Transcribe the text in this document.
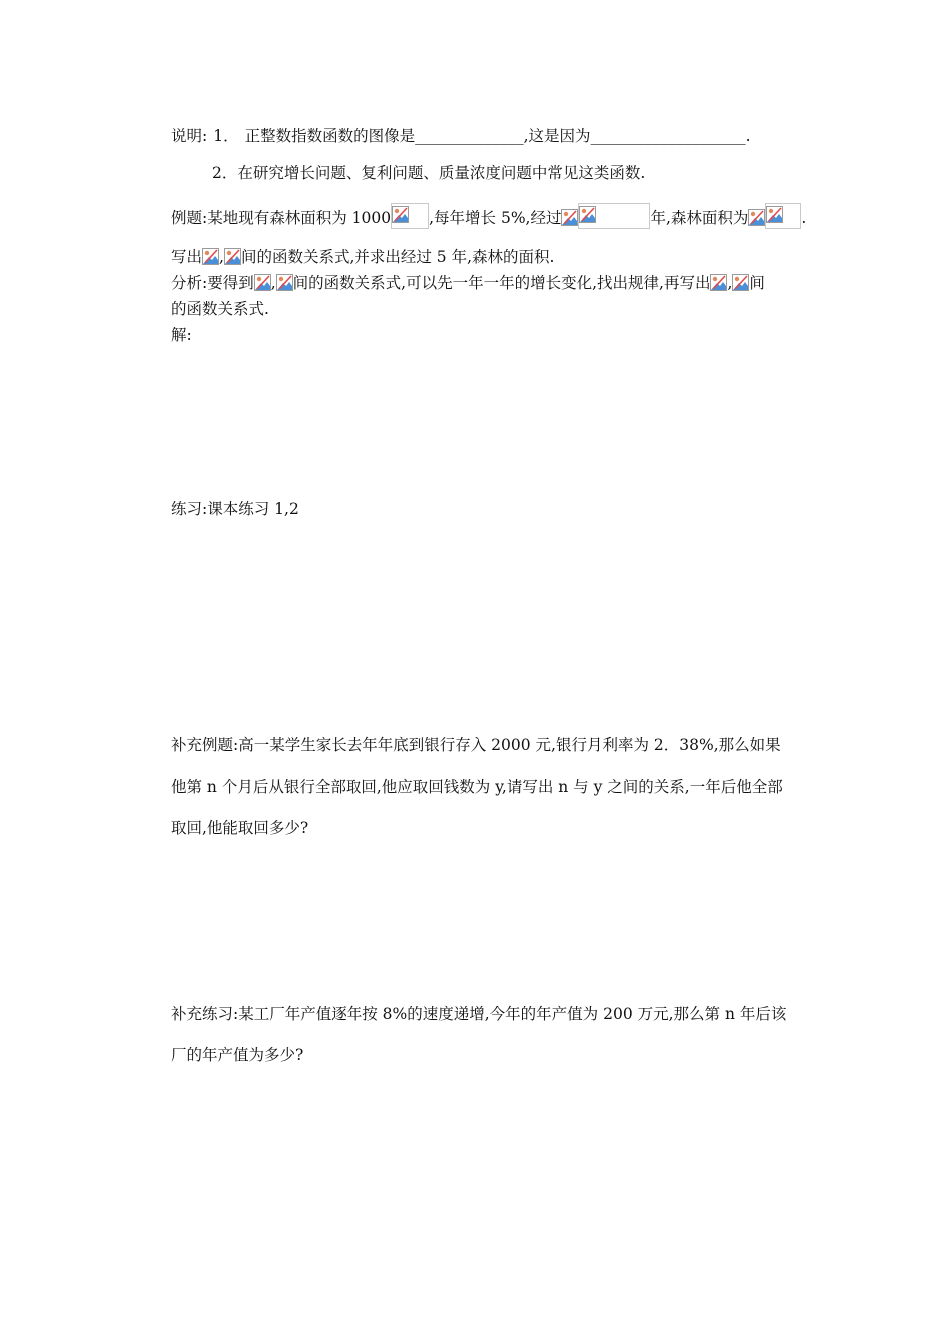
说明: 1． 正整数指数函数的图像是______________,这是因为____________________.
2．在研究增长问题、复利问题、质量浓度问题中常见这类函数.
例题:某地现有森林面积为 1000 ,每年增长 5%,经过	年,森林面积为	.
写出 , 间的函数关系式,并求出经过 5 年,森林的面积.
分析:要得到 , 间的函数关系式,可以先一年一年的增长变化,找出规律,再写出 , 间
的函数关系式.
解:
练习:课本练习 1,2
补充例题:高一某学生家长去年年底到银行存入 2000 元,银行月利率为 2．38%,那么如果
他第 n 个月后从银行全部取回,他应取回钱数为 y,请写出 n 与 y 之间的关系,一年后他全部
取回,他能取回多少?
补充练习:某工厂年产值逐年按 8%的速度递增,今年的年产值为 200 万元,那么第 n 年后该
厂的年产值为多少?
